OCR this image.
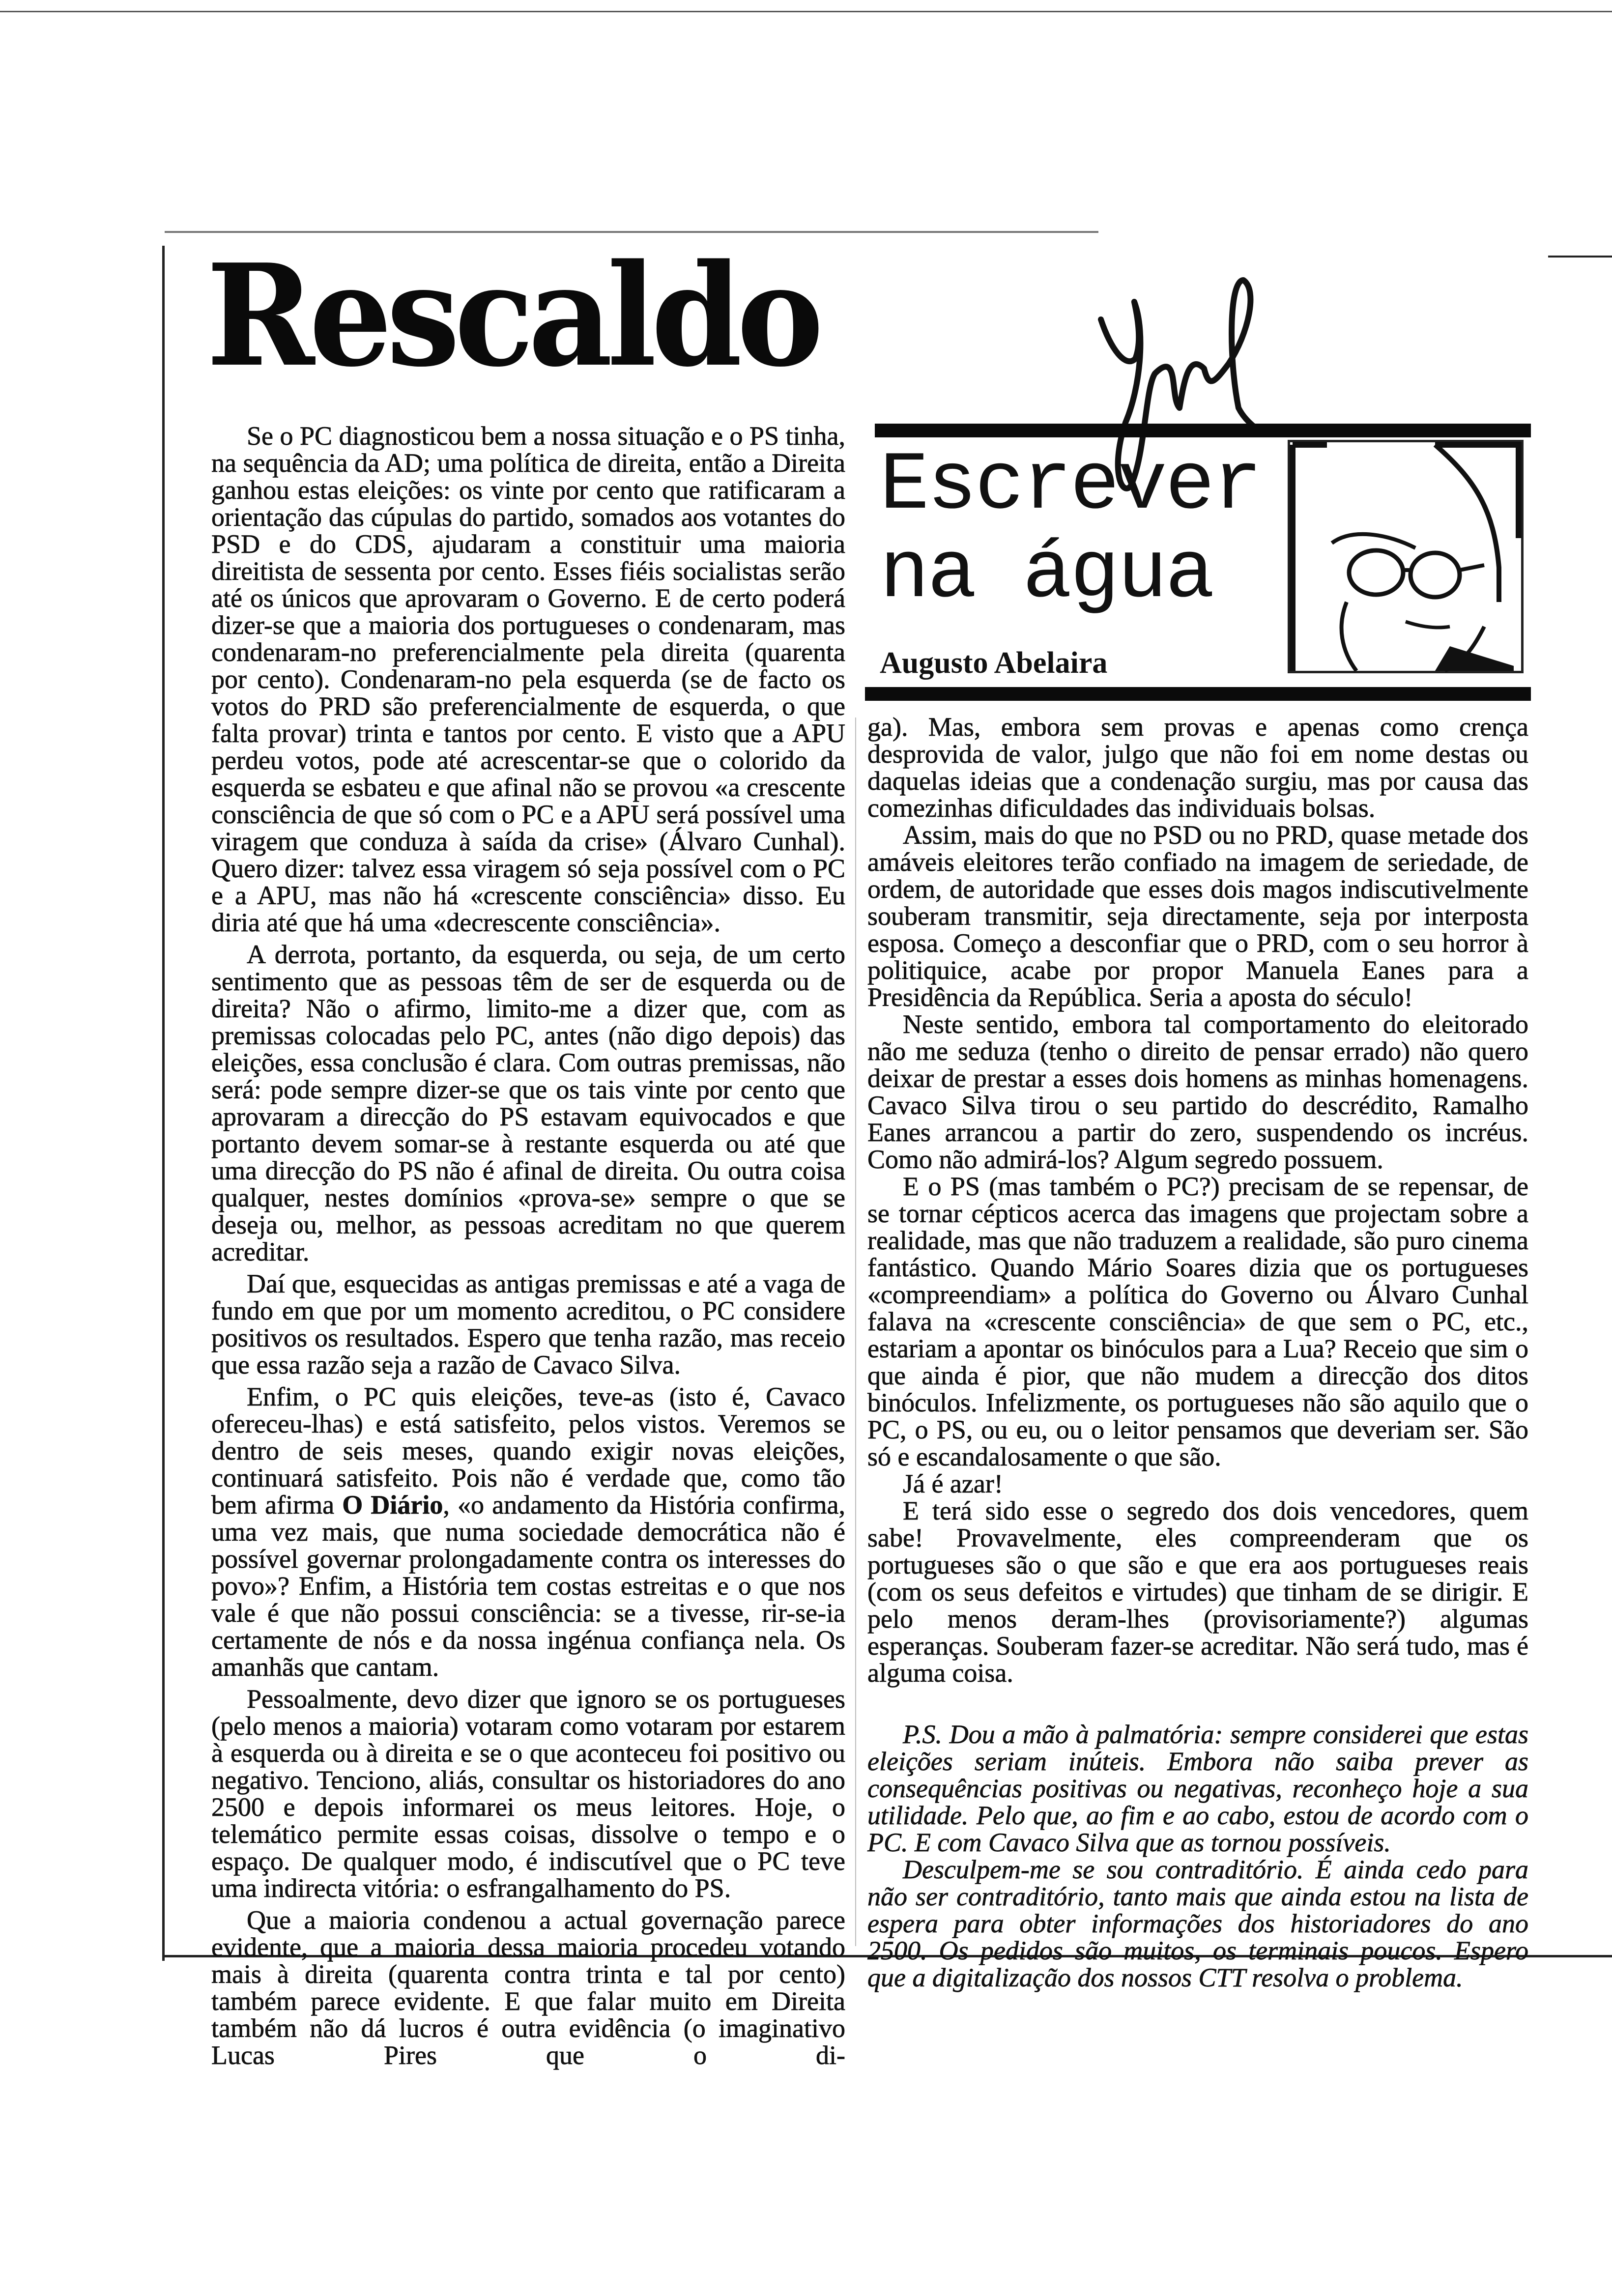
Rescaldo

Se o PC diagnosticou bem a nossa situação e o PS tinha, na sequência da AD; uma política de direita, então a Direita ganhou estas eleições: os vinte por cento que ratificaram a orientação das cúpulas do partido, somados aos votantes do PSD e do CDS, ajudaram a constituir uma maioria direitista de sessenta por cento. Esses fiéis socialistas serão até os únicos que aprovaram o Governo. E de certo poderá dizer-se que a maioria dos portugueses o condenaram, mas condenaram-no preferencialmente pela direita (quarenta por cento). Condenaram-no pela esquerda (se de facto os votos do PRD são preferencialmente de esquerda, o que falta provar) trinta e tantos por cento. E visto que a APU perdeu votos, pode até acrescentar-se que o colorido da esquerda se esbateu e que afinal não se provou «a crescente consciência de que só com o PC e a APU será possível uma viragem que conduza à saída da crise» (Álvaro Cunhal). Quero dizer: talvez essa viragem só seja possível com o PC e a APU, mas não há «crescente consciência» disso. Eu diria até que há uma «decrescente consciência».

A derrota, portanto, da esquerda, ou seja, de um certo sentimento que as pessoas têm de ser de esquerda ou de direita? Não o afirmo, limito-me a dizer que, com as premissas colocadas pelo PC, antes (não digo depois) das eleições, essa conclusão é clara. Com outras premissas, não será: pode sempre dizer-se que os tais vinte por cento que aprovaram a direcção do PS estavam equivocados e que portanto devem somar-se à restante esquerda ou até que uma direcção do PS não é afinal de direita. Ou outra coisa qualquer, nestes domínios «prova-se» sempre o que se deseja ou, melhor, as pessoas acreditam no que querem acreditar.

Daí que, esquecidas as antigas premissas e até a vaga de fundo em que por um momento acreditou, o PC considere positivos os resultados. Espero que tenha razão, mas receio que essa razão seja a razão de Cavaco Silva.

Enfim, o PC quis eleições, teve-as (isto é, Cavaco ofereceu-lhas) e está satisfeito, pelos vistos. Veremos se dentro de seis meses, quando exigir novas eleições, continuará satisfeito. Pois não é verdade que, como tão bem afirma O Diário, «o andamento da História confirma, uma vez mais, que numa sociedade democrática não é possível governar prolongadamente contra os interesses do povo»? Enfim, a História tem costas estreitas e o que nos vale é que não possui consciência: se a tivesse, rir-se-ia certamente de nós e da nossa ingénua confiança nela. Os amanhãs que cantam.

Pessoalmente, devo dizer que ignoro se os portugueses (pelo menos a maioria) votaram como votaram por estarem à esquerda ou à direita e se o que aconteceu foi positivo ou negativo. Tenciono, aliás, consultar os historiadores do ano 2500 e depois informarei os meus leitores. Hoje, o telemático permite essas coisas, dissolve o tempo e o espaço. De qualquer modo, é indiscutível que o PC teve uma indirecta vitória: o esfrangalhamento do PS.

Que a maioria condenou a actual governação parece evidente, que a maioria dessa maioria procedeu votando mais à direita (quarenta contra trinta e tal por cento) também parece evidente. E que falar muito em Direita também não dá lucros é outra evidência (o imaginativo Lucas Pires que o di-

Escrever
na água
Augusto Abelaira

ga). Mas, embora sem provas e apenas como crença desprovida de valor, julgo que não foi em nome destas ou daquelas ideias que a condenação surgiu, mas por causa das comezinhas dificuldades das individuais bolsas.

Assim, mais do que no PSD ou no PRD, quase metade dos amáveis eleitores terão confiado na imagem de seriedade, de ordem, de autoridade que esses dois magos indiscutivelmente souberam transmitir, seja directamente, seja por interposta esposa. Começo a desconfiar que o PRD, com o seu horror à politiquice, acabe por propor Manuela Eanes para a Presidência da República. Seria a aposta do século!

Neste sentido, embora tal comportamento do eleitorado não me seduza (tenho o direito de pensar errado) não quero deixar de prestar a esses dois homens as minhas homenagens. Cavaco Silva tirou o seu partido do descrédito, Ramalho Eanes arrancou a partir do zero, suspendendo os incréus. Como não admirá-los? Algum segredo possuem.

E o PS (mas também o PC?) precisam de se repensar, de se tornar cépticos acerca das imagens que projectam sobre a realidade, mas que não traduzem a realidade, são puro cinema fantástico. Quando Mário Soares dizia que os portugueses «compreendiam» a política do Governo ou Álvaro Cunhal falava na «crescente consciência» de que sem o PC, etc., estariam a apontar os binóculos para a Lua? Receio que sim o que ainda é pior, que não mudem a direcção dos ditos binóculos. Infelizmente, os portugueses não são aquilo que o PC, o PS, ou eu, ou o leitor pensamos que deveriam ser. São só e escandalosamente o que são.

Já é azar!

E terá sido esse o segredo dos dois vencedores, quem sabe! Provavelmente, eles compreenderam que os portugueses são o que são e que era aos portugueses reais (com os seus defeitos e virtudes) que tinham de se dirigir. E pelo menos deram-lhes (provisoriamente?) algumas esperanças. Souberam fazer-se acreditar. Não será tudo, mas é alguma coisa.

P.S. Dou a mão à palmatória: sempre considerei que estas eleições seriam inúteis. Embora não saiba prever as consequências positivas ou negativas, reconheço hoje a sua utilidade. Pelo que, ao fim e ao cabo, estou de acordo com o PC. E com Cavaco Silva que as tornou possíveis.

Desculpem-me se sou contraditório. É ainda cedo para não ser contraditório, tanto mais que ainda estou na lista de espera para obter informações dos historiadores do ano 2500. Os pedidos são muitos, os terminais poucos. Espero que a digitalização dos nossos CTT resolva o problema.
